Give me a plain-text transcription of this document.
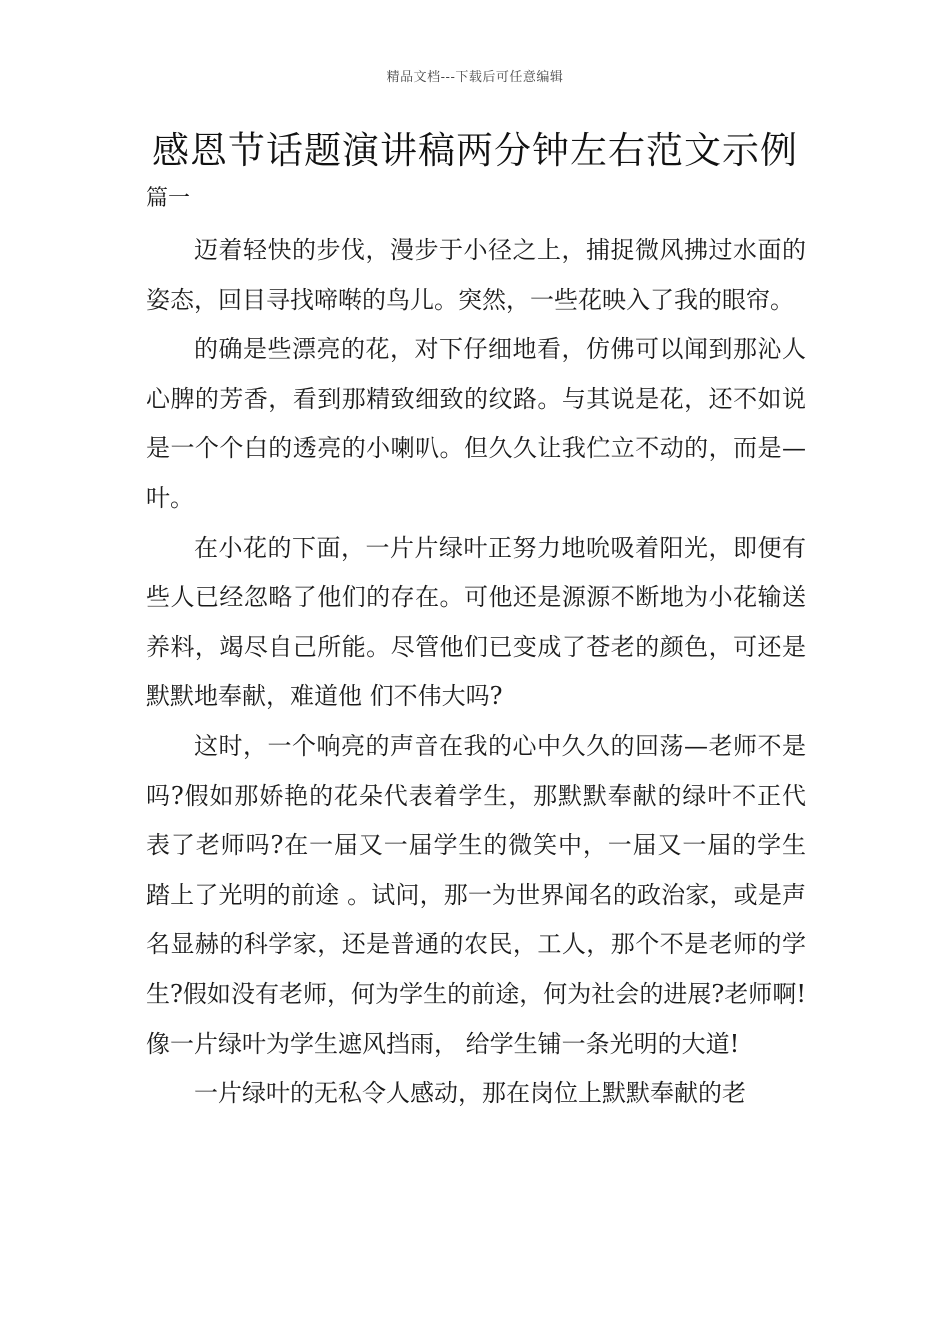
精品文档---下载后可任意编辑
感恩节话题演讲稿两分钟左右范文示例
篇一

迈着轻快的步伐，漫步于小径之上，捕捉微风拂过水面的姿态，回目寻找啼啭的鸟儿。突然，一些花映入了我的眼帘。

的确是些漂亮的花，对下仔细地看，仿佛可以闻到那沁人心脾的芳香，看到那精致细致的纹路。与其说是花，还不如说是一个个白的透亮的小喇叭。但久久让我伫立不动的，而是—叶。

在小花的下面，一片片绿叶正努力地吮吸着阳光，即便有些人已经忽略了他们的存在。可他还是源源不断地为小花输送养料，竭尽自己所能。尽管他们已变成了苍老的颜色，可还是默默地奉献，难道他 们不伟大吗?

这时，一个响亮的声音在我的心中久久的回荡—老师不是吗?假如那娇艳的花朵代表着学生，那默默奉献的绿叶不正代表了老师吗?在一届又一届学生的微笑中，一届又一届的学生踏上了光明的前途 。试问，那一为世界闻名的政治家，或是声名显赫的科学家，还是普通的农民，工人，那个不是老师的学生?假如没有老师，何为学生的前途，何为社会的进展?老师啊!像一片绿叶为学生遮风挡雨， 给学生铺一条光明的大道!

一片绿叶的无私令人感动，那在岗位上默默奉献的老
